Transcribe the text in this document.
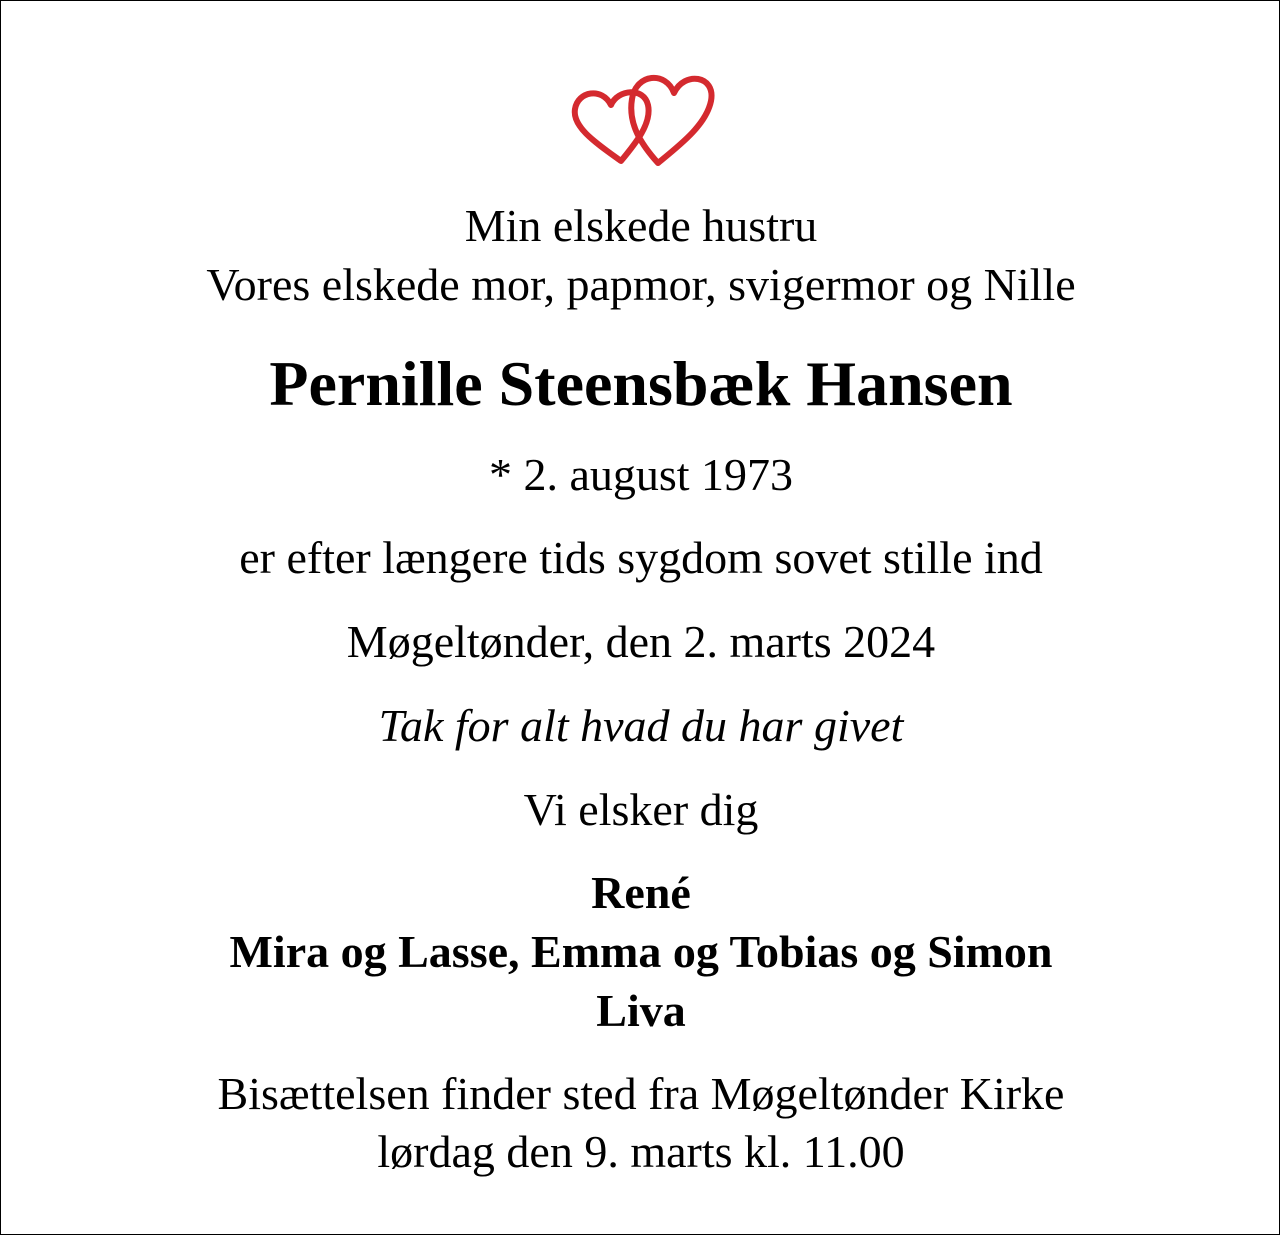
Min elskede hustru

Vores elskede mor, papmor, svigermor og Nille

Pernille Steensbæk Hansen

* 2. august 1973

er efter længere tids sygdom sovet stille ind

Møgeltønder, den 2. marts 2024

Tak for alt hvad du har givet

Vi elsker dig

René

Mira og Lasse, Emma og Tobias og Simon

Liva

Bisættelsen finder sted fra Møgeltønder Kirke

lørdag den 9. marts kl. 11.00
